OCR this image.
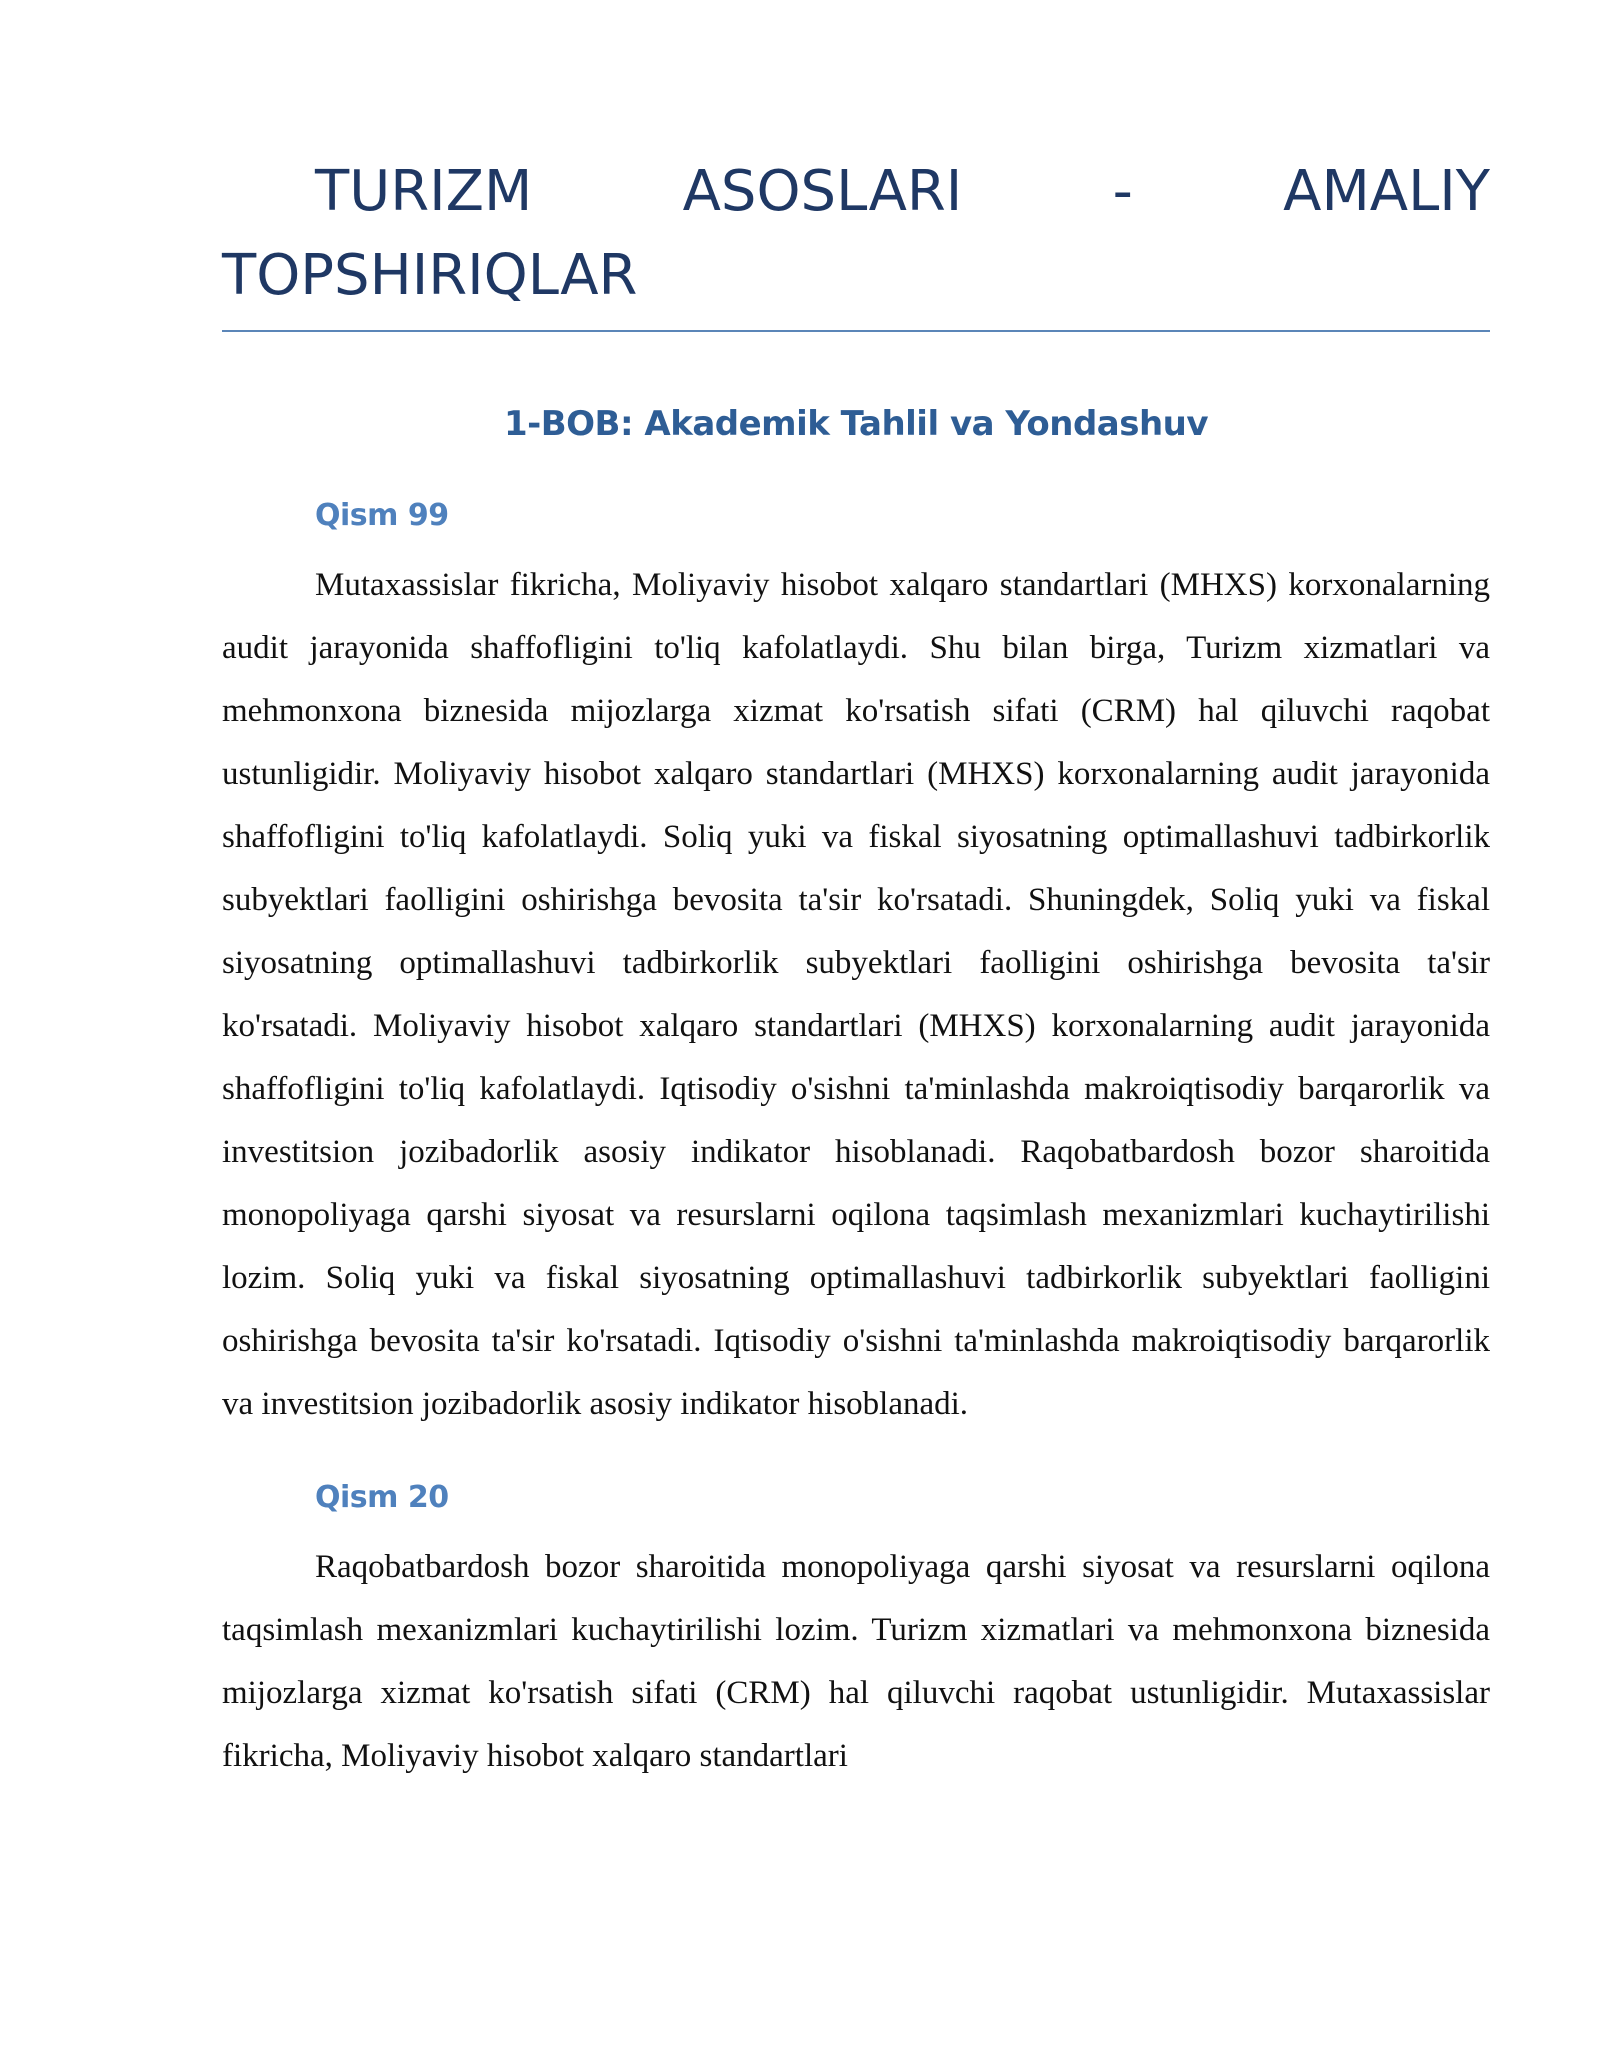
TURIZM ASOSLARI - AMALIY TOPSHIRIQLAR
1-BOB: Akademik Tahlil va Yondashuv
Qism 99

Mutaxassislar fikricha, Moliyaviy hisobot xalqaro standartlari (MHXS) korxonalarning audit jarayonida shaffofligini to'liq kafolatlaydi. Shu bilan birga, Turizm xizmatlari va mehmonxona biznesida mijozlarga xizmat ko'rsatish sifati (CRM) hal qiluvchi raqobat ustunligidir. Moliyaviy hisobot xalqaro standartlari (MHXS) korxonalarning audit jarayonida shaffofligini to'liq kafolatlaydi. Soliq yuki va fiskal siyosatning optimallashuvi tadbirkorlik subyektlari faolligini oshirishga bevosita ta'sir ko'rsatadi. Shuningdek, Soliq yuki va fiskal siyosatning optimallashuvi tadbirkorlik subyektlari faolligini oshirishga bevosita ta'sir ko'rsatadi. Moliyaviy hisobot xalqaro standartlari (MHXS) korxonalarning audit jarayonida shaffofligini to'liq kafolatlaydi. Iqtisodiy o'sishni ta'minlashda makroiqtisodiy barqarorlik va investitsion jozibadorlik asosiy indikator hisoblanadi. Raqobatbardosh bozor sharoitida monopoliyaga qarshi siyosat va resurslarni oqilona taqsimlash mexanizmlari kuchaytirilishi lozim. Soliq yuki va fiskal siyosatning optimallashuvi tadbirkorlik subyektlari faolligini oshirishga bevosita ta'sir ko'rsatadi. Iqtisodiy o'sishni ta'minlashda makroiqtisodiy barqarorlik va investitsion jozibadorlik asosiy indikator hisoblanadi.

Qism 20

Raqobatbardosh bozor sharoitida monopoliyaga qarshi siyosat va resurslarni oqilona taqsimlash mexanizmlari kuchaytirilishi lozim. Turizm xizmatlari va mehmonxona biznesida mijozlarga xizmat ko'rsatish sifati (CRM) hal qiluvchi raqobat ustunligidir. Mutaxassislar fikricha, Moliyaviy hisobot xalqaro standartlari
